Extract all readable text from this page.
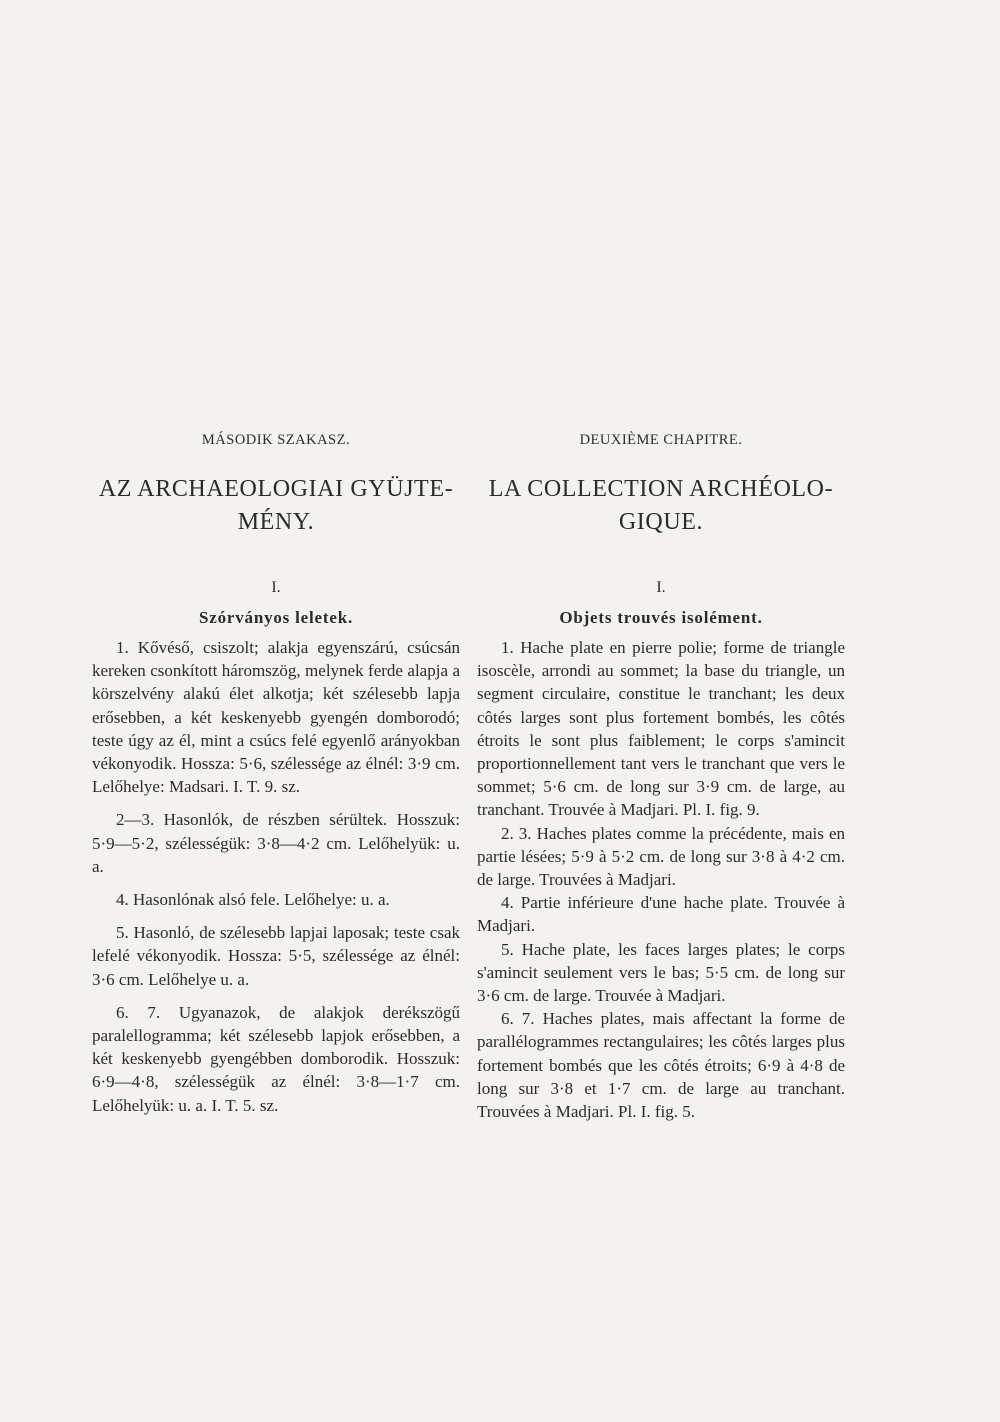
MÁSODIK SZAKASZ.
AZ ARCHAEOLOGIAI GYÜJTE-
MÉNY.
I.
Szórványos leletek.

1. Kővéső, csiszolt; alakja egyenszárú, csúcsán kereken csonkított háromszög, melynek ferde alapja a körszelvény alakú élet alkotja; két szélesebb lapja erősebben, a két keskenyebb gyengén domborodó; teste úgy az él, mint a csúcs felé egyenlő arányokban vékonyodik. Hossza: 5·6, szélessége az élnél: 3·9 cm. Lelőhelye: Madsari. I. T. 9. sz.

2—3. Hasonlók, de részben sérültek. Hosszuk: 5·9—5·2, szélességük: 3·8—4·2 cm. Lelőhelyük: u. a.

4. Hasonlónak alsó fele. Lelőhelye: u. a.

5. Hasonló, de szélesebb lapjai laposak; teste csak lefelé vékonyodik. Hossza: 5·5, szélessége az élnél: 3·6 cm. Lelőhelye u. a.

6. 7. Ugyanazok, de alakjok derékszögű paralellogramma; két szélesebb lapjok erősebben, a két keskenyebb gyengébben domborodik. Hosszuk: 6·9—4·8, szélességük az élnél: 3·8—1·7 cm. Lelőhelyük: u. a. I. T. 5. sz.

DEUXIÈME CHAPITRE.
LA COLLECTION ARCHÉOLO-
GIQUE.
I.
Objets trouvés isolément.

1. Hache plate en pierre polie; forme de triangle isoscèle, arrondi au sommet; la base du triangle, un segment circulaire, constitue le tranchant; les deux côtés larges sont plus fortement bombés, les côtés étroits le sont plus faiblement; le corps s'amincit proportionnellement tant vers le tranchant que vers le sommet; 5·6 cm. de long sur 3·9 cm. de large, au tranchant. Trouvée à Madjari. Pl. I. fig. 9.

2. 3. Haches plates comme la précédente, mais en partie lésées; 5·9 à 5·2 cm. de long sur 3·8 à 4·2 cm. de large. Trouvées à Madjari.

4. Partie inférieure d'une hache plate. Trouvée à Madjari.

5. Hache plate, les faces larges plates; le corps s'amincit seulement vers le bas; 5·5 cm. de long sur 3·6 cm. de large. Trouvée à Madjari.

6. 7. Haches plates, mais affectant la forme de parallélogrammes rectangulaires; les côtés larges plus fortement bombés que les côtés étroits; 6·9 à 4·8 de long sur 3·8 et 1·7 cm. de large au tranchant. Trouvées à Madjari. Pl. I. fig. 5.
